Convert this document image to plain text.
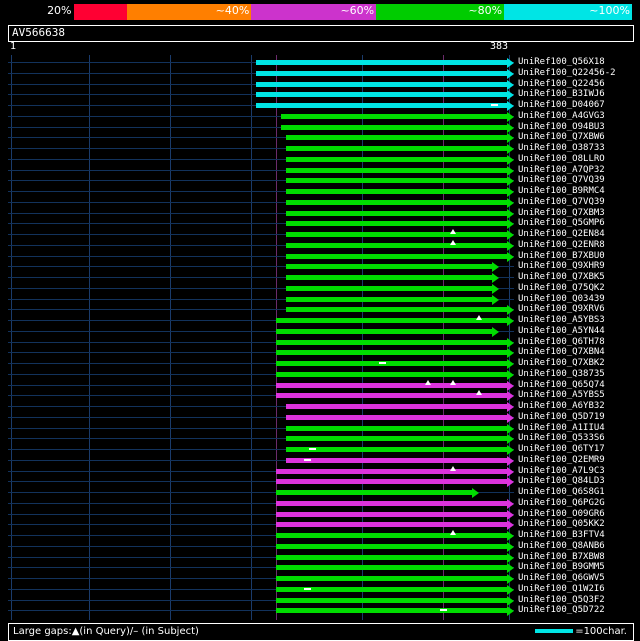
20%	~40%	~60%	~80%	~100%
AV566638
1	383
UniRef100_Q56X18
UniRef100_Q22456-2
UniRef100_Q22456
UniRef100_B3IWJ6
UniRef100_D04067
UniRef100_A4GVG3
UniRef100_O94BU3
UniRef100_Q7XBW6
UniRef100_O38733
UniRef100_O8LLRO
UniRef100_A7QP32
UniRef100_Q7VQ39
UniRef100_B9RMC4
UniRef100_Q7VQ39
UniRef100_Q7XBM3
UniRef100_Q5GMP6
UniRef100_Q2EN84
UniRef100_Q2ENR8
UniRef100_B7XBU0
UniRef100_Q9XHR9
UniRef100_Q7XBK5
UniRef100_Q75QK2
UniRef100_Q03439
UniRef100_Q9XRV6
UniRef100_A5YBS3
UniRef100_A5YN44
UniRef100_Q6TH78
UniRef100_Q7XBN4
UniRef100_Q7XBK2
UniRef100_Q38735
UniRef100_Q65Q74
UniRef100_A5YBS5
UniRef100_A6YB32
UniRef100_Q5D719
UniRef100_A1IIU4
UniRef100_Q533S6
UniRef100_Q6TY17
UniRef100_Q2EMR9
UniRef100_A7L9C3
UniRef100_Q84LD3
UniRef100_Q6S8G1
UniRef100_Q6PG2G
UniRef100_O09GR6
UniRef100_Q05KK2
UniRef100_B3FTV4
UniRef100_Q8ANB6
UniRef100_B7XBW8
UniRef100_B9GMM5
UniRef100_Q6GWV5
UniRef100_Q1W2I6
UniRef100_Q5Q3F2
UniRef100_Q5D722
Large gaps:▲(in Query)/– (in Subject)	=100char.
